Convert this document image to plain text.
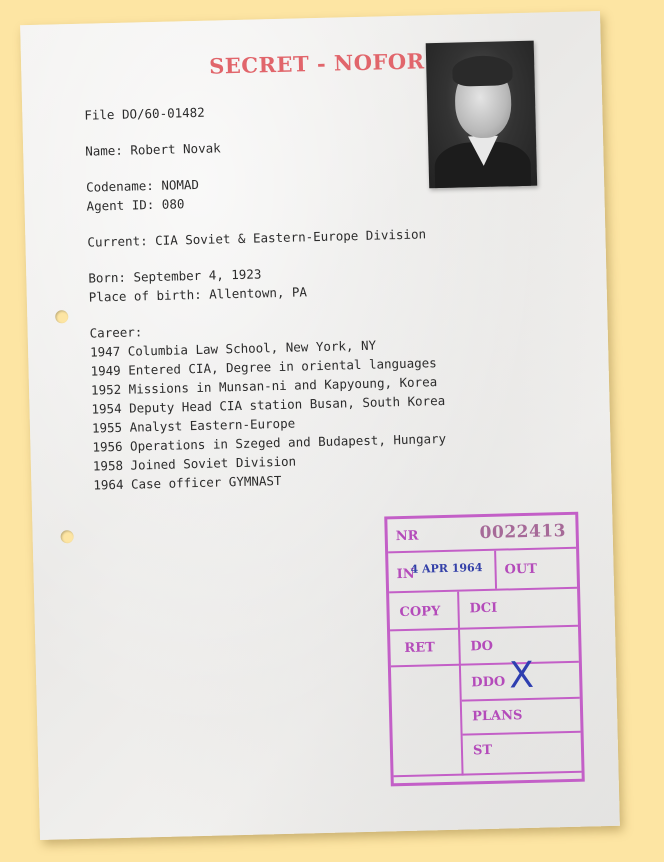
SECRET - NOFOR
File DO/60-01482
Name: Robert Novak
Codename: NOMAD
Agent ID: 080
Current: CIA Soviet & Eastern-Europe Division
Born: September 4, 1923
Place of birth: Allentown, PA
Career:
1947 Columbia Law School, New York, NY
1949 Entered CIA, Degree in oriental languages
1952 Missions in Munsan-ni and Kapyoung, Korea
1954 Deputy Head CIA station Busan, South Korea
1955 Analyst Eastern-Europe
1956 Operations in Szeged and Budapest, Hungary
1958 Joined Soviet Division
1964 Case officer GYMNAST
NR	0022413
IN
4 APR 1964 OUT
COPY DCI
RET	DO
DDO X
PLANS
ST
